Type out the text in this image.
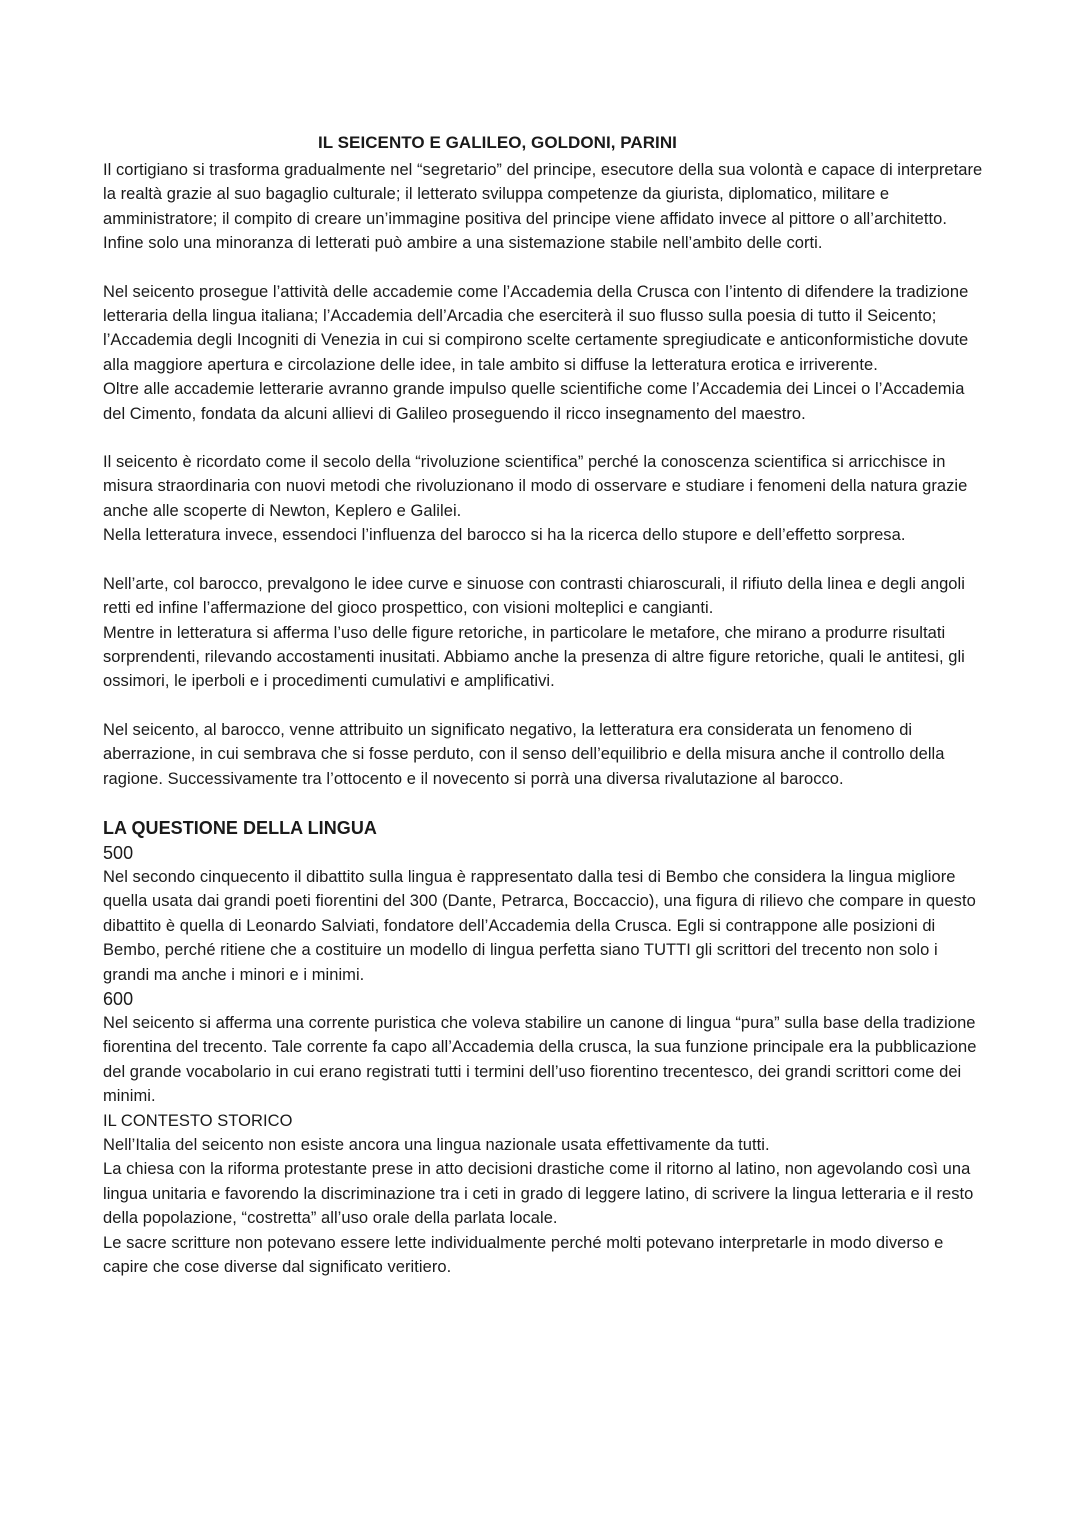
IL SEICENTO E GALILEO, GOLDONI, PARINI

Il cortigiano si trasforma gradualmente nel “segretario” del principe, esecutore della sua volontà e capace di interpretare la realtà grazie al suo bagaglio culturale; il letterato sviluppa competenze da giurista, diplomatico, militare e amministratore; il compito di creare un’immagine positiva del principe viene affidato invece al pittore o all’architetto. Infine solo una minoranza di letterati può ambire a una sistemazione stabile nell’ambito delle corti.

Nel seicento prosegue l’attività delle accademie come l’Accademia della Crusca con l’intento di difendere la tradizione letteraria della lingua italiana; l’Accademia dell’Arcadia che eserciterà il suo flusso sulla poesia di tutto il Seicento; l’Accademia degli Incogniti di Venezia in cui si compirono scelte certamente spregiudicate e anticonformistiche dovute alla maggiore apertura e circolazione delle idee, in tale ambito si diffuse la letteratura erotica e irriverente.

Oltre alle accademie letterarie avranno grande impulso quelle scientifiche come l’Accademia dei Lincei o l’Accademia del Cimento, fondata da alcuni allievi di Galileo proseguendo il ricco insegnamento del maestro.

Il seicento è ricordato come il secolo della “rivoluzione scientifica” perché la conoscenza scientifica si arricchisce in misura straordinaria con nuovi metodi che rivoluzionano il modo di osservare e studiare i fenomeni della natura grazie anche alle scoperte di Newton, Keplero e Galilei.

Nella letteratura invece, essendoci l’influenza del barocco si ha la ricerca dello stupore e dell’effetto sorpresa.

Nell’arte, col barocco, prevalgono le idee curve e sinuose con contrasti chiaroscurali, il rifiuto della linea e degli angoli retti ed infine l’affermazione del gioco prospettico, con visioni molteplici e cangianti.

Mentre in letteratura si afferma l’uso delle figure retoriche, in particolare le metafore, che mirano a produrre risultati sorprendenti, rilevando accostamenti inusitati. Abbiamo anche la presenza di altre figure retoriche, quali le antitesi, gli ossimori, le iperboli e i procedimenti cumulativi e amplificativi.

Nel seicento, al barocco, venne attribuito un significato negativo, la letteratura era considerata un fenomeno di aberrazione, in cui sembrava che si fosse perduto, con il senso dell’equilibrio e della misura anche il controllo della ragione. Successivamente tra l’ottocento e il novecento si porrà una diversa rivalutazione al barocco.

LA QUESTIONE DELLA LINGUA
500

Nel secondo cinquecento il dibattito sulla lingua è rappresentato dalla tesi di Bembo che considera la lingua migliore quella usata dai grandi poeti fiorentini del 300 (Dante, Petrarca, Boccaccio), una figura di rilievo che compare in questo dibattito è quella di Leonardo Salviati, fondatore dell’Accademia della Crusca. Egli si contrappone alle posizioni di Bembo, perché ritiene che a costituire un modello di lingua perfetta siano TUTTI gli scrittori del trecento non solo i grandi ma anche i minori e i minimi.

600

Nel seicento si afferma una corrente puristica che voleva stabilire un canone di lingua “pura” sulla base della tradizione fiorentina del trecento. Tale corrente fa capo all’Accademia della crusca, la sua funzione principale era la pubblicazione del grande vocabolario in cui erano registrati tutti i termini dell’uso fiorentino trecentesco, dei grandi scrittori come dei minimi.

IL CONTESTO STORICO

Nell’Italia del seicento non esiste ancora una lingua nazionale usata effettivamente da tutti.

La chiesa con la riforma protestante prese in atto decisioni drastiche come il ritorno al latino, non agevolando così una lingua unitaria e favorendo la discriminazione tra i ceti in grado di leggere latino, di scrivere la lingua letteraria e il resto della popolazione, “costretta” all’uso orale della parlata locale.

Le sacre scritture non potevano essere lette individualmente perché molti potevano interpretarle in modo diverso e capire che cose diverse dal significato veritiero.
